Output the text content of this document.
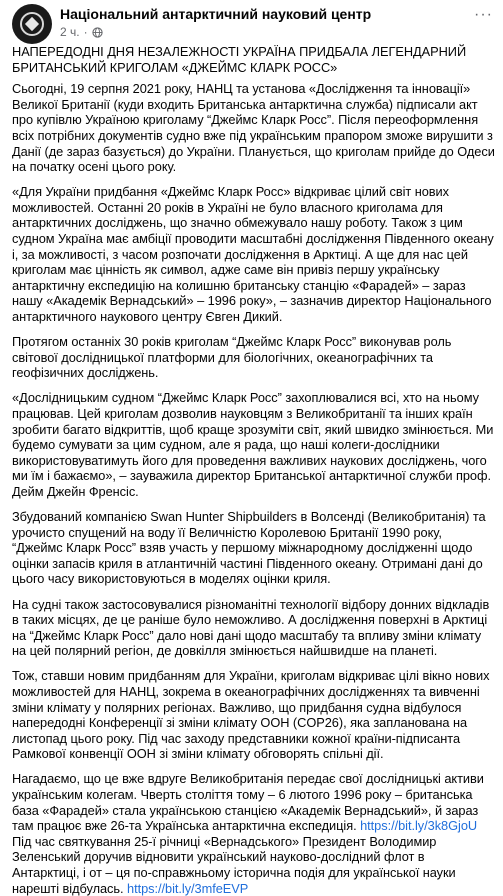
Національний антарктичний науковий центр
2 ч. ·
···

НАПЕРЕДОДНІ ДНЯ НЕЗАЛЕЖНОСТІ УКРАЇНА ПРИДБАЛА ЛЕГЕНДАРНИЙ БРИТАНСЬКИЙ КРИГОЛАМ «ДЖЕЙМС КЛАРК РОСС»

Сьогодні, 19 серпня 2021 року, НАНЦ та установа «Дослідження та інновації» Великої Британії (куди входить Британська антарктична служба) підписали акт про купівлю Україною криголаму “Джеймс Кларк Росс”. Після переоформлення всіх потрібних документів судно вже під українським прапором зможе вирушити з Данії (де зараз базується) до України. Планується, що криголам прийде до Одеси на початку осені цього року.

«Для України придбання «Джеймс Кларк Росс» відкриває цілий світ нових можливостей. Останні 20 років в Україні не було власного криголама для антарктичних досліджень, що значно обмежувало нашу роботу. Також з цим судном Україна має амбіції проводити масштабні дослідження Південного океану і, за можливості, з часом розпочати дослідження в Арктиці. А ще для нас цей криголам має цінність як символ, адже саме він привіз першу українську антарктичну експедицію на колишню британську станцію «Фарадей» – зараз нашу «Академік Вернадський» – 1996 року», – зазначив директор Національного антарктичного наукового центру Євген Дикий.

Протягом останніх 30 років криголам “Джеймс Кларк Росс” виконував роль світової дослідницької платформи для біологічних, океанографічних та геофізичних досліджень.

«Дослідницьким судном “Джеймс Кларк Росс” захоплювалися всі, хто на ньому працював. Цей криголам дозволив науковцям з Великобританії та інших країн зробити багато відкриттів, щоб краще зрозуміти світ, який швидко змінюється. Ми будемо сумувати за цим судном, але я рада, що наші колеги-дослідники використовуватимуть його для проведення важливих наукових досліджень, чого ми їм і бажаємо», – зауважила директор Британської антарктичної служби проф. Дейм Джейн Френсіс.

Збудований компанією Swan Hunter Shipbuilders в Волсенді (Великобританія) та урочисто спущений на воду її Величністю Королевою Британії 1990 року, “Джеймс Кларк Росс” взяв участь у першому міжнародному дослідженні щодо оцінки запасів криля в атлантичній частині Південного океану. Отримані дані до цього часу використовуються в моделях оцінки криля.

На судні також застосовувалися різноманітні технології відбору донних відкладів в таких місцях, де це раніше було неможливо. А дослідження поверхні в Арктиці на “Джеймс Кларк Росс” дало нові дані щодо масштабу та впливу зміни клімату на цей полярний регіон, де довкілля змінюється найшвидше на планеті.

Тож, ставши новим придбанням для України, криголам відкриває цілі вікно нових можливостей для НАНЦ, зокрема в океанографічних дослідженнях та вивченні зміни клімату у полярних регіонах. Важливо, що придбання судна відбулося напередодні Конференції зі зміни клімату ООН (COP26), яка запланована на листопад цього року. Під час заходу представники кожної країни-підписанта Рамкової конвенції ООН зі зміни клімату обговорять спільні дії.

Нагадаємо, що це вже вдруге Великобританія передає свої дослідницькі активи українським колегам. Чверть століття тому – 6 лютого 1996 року – британська база «Фарадей» стала українською станцією «Академік Вернадський», й зараз там працює вже 26-та Українська антарктична експедиція. https://bit.ly/3k8GjoU Під час святкування 25-ї річниці «Вернадського» Президент Володимир Зеленський доручив відновити український науково-дослідний флот в Антарктиці, і от – ця по-справжньому історична подія для української науки нарешті відбулась. https://bit.ly/3mfeEVP
